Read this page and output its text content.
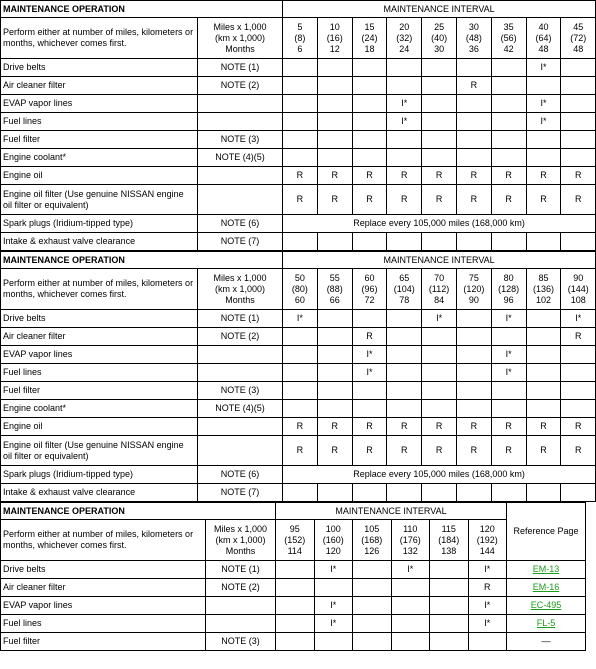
MAINTENANCE OPERATION		MAINTENANCE INTERVAL								
Perform either at number of miles, kilometers or months, whichever comes first.	Miles x 1,000
(km x 1,000)
Months	5
(8)
6	10
(16)
12	15
(24)
18	20
(32)
24	25
(40)
30	30
(48)
36	35
(56)
42	40
(64)
48	45
(72)
48

Drive belts	NOTE (1)								I*	
Air cleaner filter	NOTE (2)						R			
EVAP vapor lines					I*				I*	
Fuel lines					I*				I*	
Fuel filter	NOTE (3)									
Engine coolant*	NOTE (4)(5)									
Engine oil		R	R	R	R	R	R	R	R	R
Engine oil filter (Use genuine NISSAN engine oil filter or equivalent)		R	R	R	R	R	R	R	R	R
Spark plugs (Iridium-tipped type)	NOTE (6)	Replace every 105,000 miles (168,000 km)								
Intake & exhaust valve clearance	NOTE (7)									
MAINTENANCE OPERATION		MAINTENANCE INTERVAL								
Perform either at number of miles, kilometers or months, whichever comes first.	Miles x 1,000
(km x 1,000)
Months	50
(80)
60	55
(88)
66	60
(96)
72	65
(104)
78	70
(112)
84	75
(120)
90	80
(128)
96	85
(136)
102	90
(144)
108

Drive belts	NOTE (1)	I*				I*		I*		I*
Air cleaner filter	NOTE (2)			R						R
EVAP vapor lines				I*				I*		
Fuel lines				I*				I*		
Fuel filter	NOTE (3)									
Engine coolant*	NOTE (4)(5)									
Engine oil		R	R	R	R	R	R	R	R	R
Engine oil filter (Use genuine NISSAN engine oil filter or equivalent)		R	R	R	R	R	R	R	R	R
Spark plugs (Iridium-tipped type)	NOTE (6)	Replace every 105,000 miles (168,000 km)								
Intake & exhaust valve clearance	NOTE (7)									
MAINTENANCE OPERATION		MAINTENANCE INTERVAL						Reference Page
Perform either at number of miles, kilometers or months, whichever comes first.	Miles x 1,000
(km x 1,000)
Months	95
(152)
114	100
(160)
120	105
(168)
126	110
(176)
132	115
(184)
138	120
(192)
144	

Drive belts	NOTE (1)		I*		I*		I*	EM-13
Air cleaner filter	NOTE (2)						R	EM-16
EVAP vapor lines			I*				I*	EC-495
Fuel lines			I*				I*	FL-5
Fuel filter	NOTE (3)							—
